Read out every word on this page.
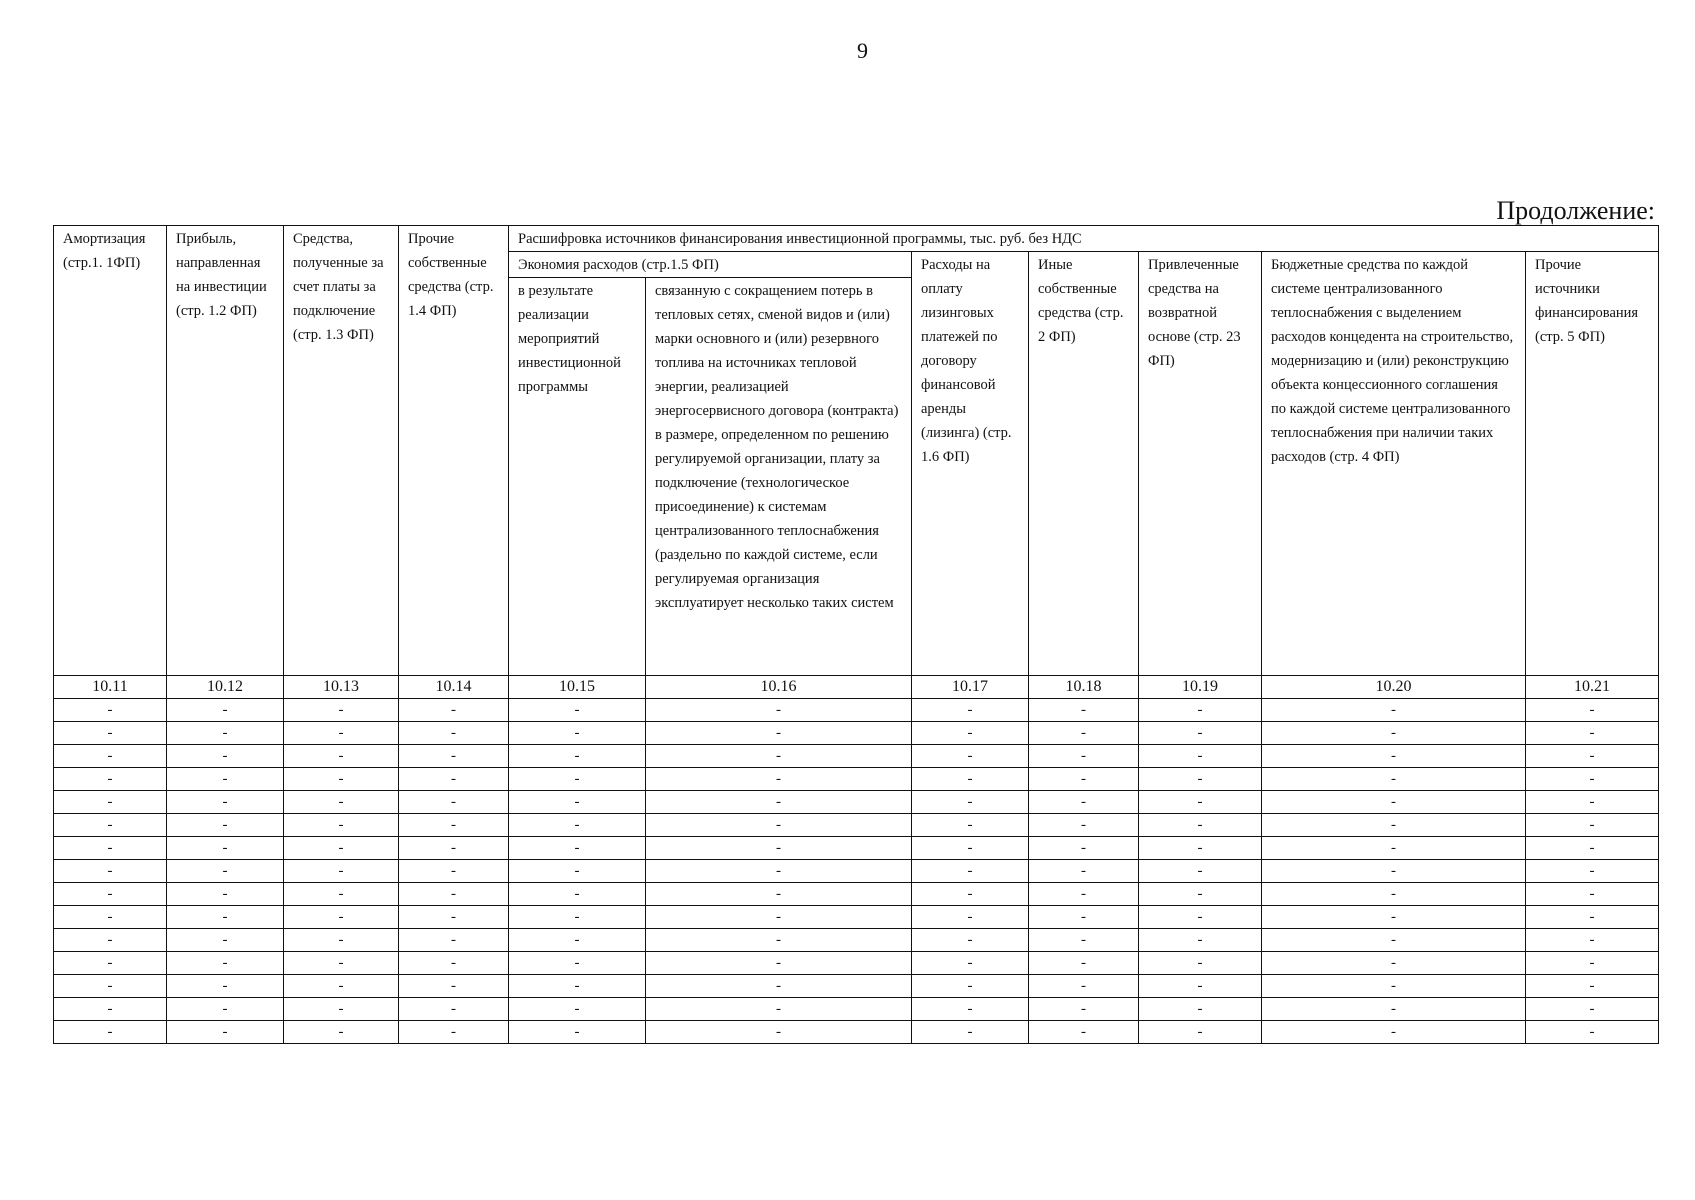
9
Продолжение:
Амортизация (стр.1. 1ФП)	Прибыль, направленная на инвестиции (стр. 1.2 ФП)	Средства, полученные за счет платы за подключение (стр. 1.3 ФП)	Прочие собственные средства (стр. 1.4 ФП)	Расшифровка источников финансирования инвестиционной программы, тыс. руб. без НДС						
				Экономия расходов (стр.1.5 ФП)		Расходы на оплату лизинговых платежей по договору финансовой аренды (лизинга) (стр. 1.6 ФП)	Иные собственные средства (стр. 2 ФП)	Привлеченные средства на возвратной основе (стр. 23 ФП)	Бюджетные средства по каждой системе централизованного теплоснабжения с выделением расходов концедента на строительство, модернизацию и (или) реконструкцию объекта концессионного соглашения по каждой системе централизованного теплоснабжения при наличии таких расходов (стр. 4 ФП)	Прочие источники финансирования (стр. 5 ФП)
				в результате реализации мероприятий инвестиционной программы	связанную с сокращением потерь в тепловых сетях, сменой видов и (или) марки основного и (или) резервного топлива на источниках тепловой энергии, реализацией энергосервисного договора (контракта) в размере, определенном по решению регулируемой организации, плату за подключение (технологическое присоединение) к системам централизованного теплоснабжения (раздельно по каждой системе, если регулируемая организация эксплуатирует несколько таких систем					
10.11	10.12	10.13	10.14	10.15	10.16	10.17	10.18	10.19	10.20	10.21
-	-	-	-	-	-	-	-	-	-	-
-	-	-	-	-	-	-	-	-	-	-
-	-	-	-	-	-	-	-	-	-	-
-	-	-	-	-	-	-	-	-	-	-
-	-	-	-	-	-	-	-	-	-	-
-	-	-	-	-	-	-	-	-	-	-
-	-	-	-	-	-	-	-	-	-	-
-	-	-	-	-	-	-	-	-	-	-
-	-	-	-	-	-	-	-	-	-	-
-	-	-	-	-	-	-	-	-	-	-
-	-	-	-	-	-	-	-	-	-	-
-	-	-	-	-	-	-	-	-	-	-
-	-	-	-	-	-	-	-	-	-	-
-	-	-	-	-	-	-	-	-	-	-
-	-	-	-	-	-	-	-	-	-	-
